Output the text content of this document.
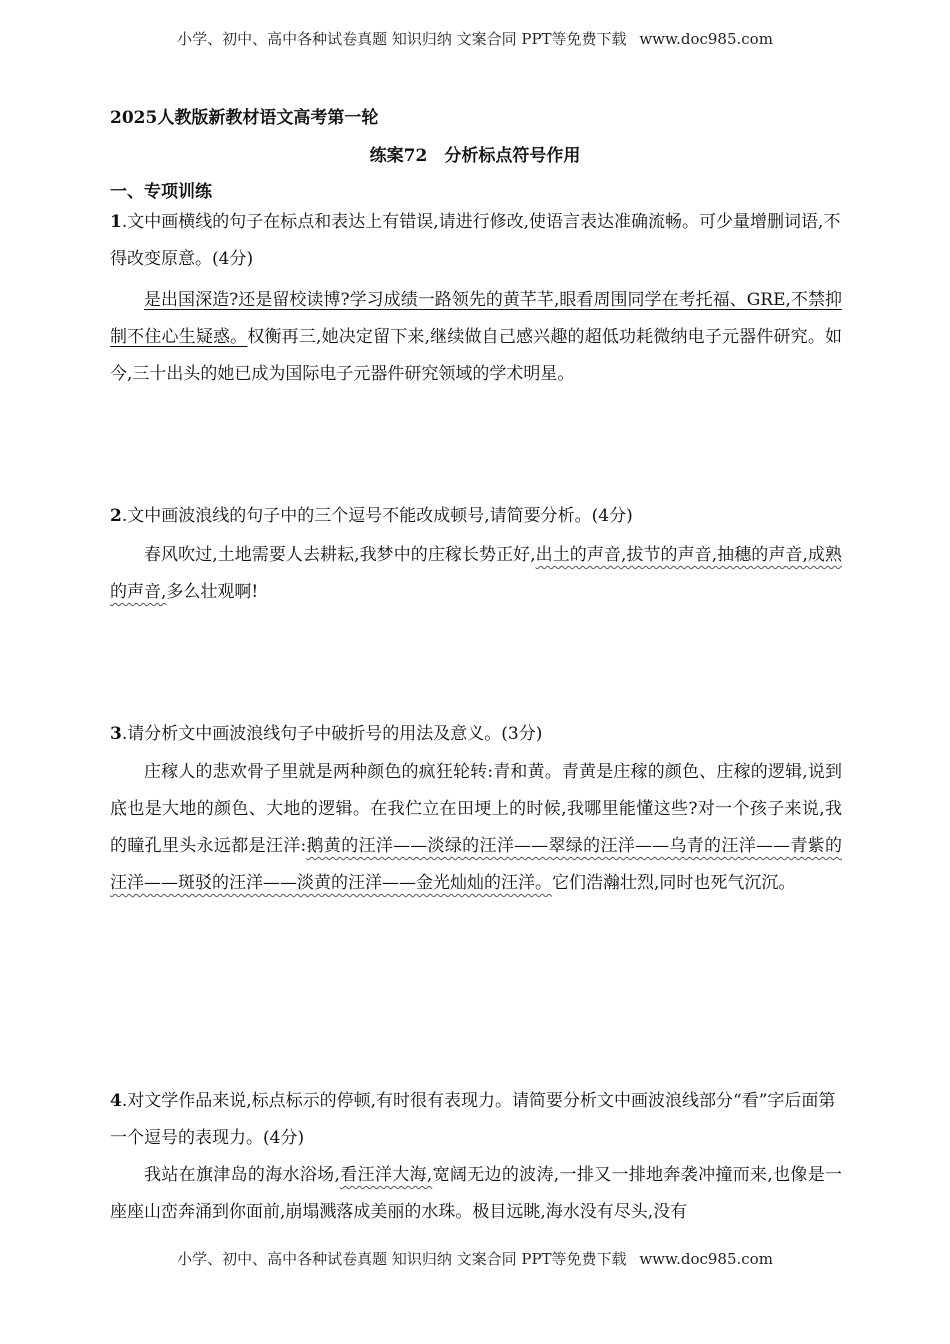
小学、初中、高中各种试卷真题 知识归纳 文案合同 PPT等免费下载 www.doc985.com
2025人教版新教材语文高考第一轮
练案72　分析标点符号作用
一、专项训练
1.文中画横线的句子在标点和表达上有错误,请进行修改,使语言表达准确流畅。可少量增删词语,不得改变原意。(4分)
是出国深造?还是留校读博?学习成绩一路领先的黄芊芊,眼看周围同学在考托福、GRE,不禁抑制不住心生疑惑。权衡再三,她决定留下来,继续做自己感兴趣的超低功耗微纳电子元器件研究。如今,三十出头的她已成为国际电子元器件研究领域的学术明星。
2.文中画波浪线的句子中的三个逗号不能改成顿号,请简要分析。(4分)
春风吹过,土地需要人去耕耘,我梦中的庄稼长势正好,出土的声音,拔节的声音,抽穗的声音,成熟的声音,多么壮观啊!
3.请分析文中画波浪线句子中破折号的用法及意义。(3分)
庄稼人的悲欢骨子里就是两种颜色的疯狂轮转:青和黄。青黄是庄稼的颜色、庄稼的逻辑,说到底也是大地的颜色、大地的逻辑。在我伫立在田埂上的时候,我哪里能懂这些?对一个孩子来说,我的瞳孔里头永远都是汪洋:鹅黄的汪洋——淡绿的汪洋——翠绿的汪洋——乌青的汪洋——青紫的汪洋——斑驳的汪洋——淡黄的汪洋——金光灿灿的汪洋。它们浩瀚壮烈,同时也死气沉沉。
4.对文学作品来说,标点标示的停顿,有时很有表现力。请简要分析文中画波浪线部分“看”字后面第一个逗号的表现力。(4分)
我站在旗津岛的海水浴场,看汪洋大海,宽阔无边的波涛,一排又一排地奔袭冲撞而来,也像是一座座山峦奔涌到你面前,崩塌溅落成美丽的水珠。极目远眺,海水没有尽头,没有
小学、初中、高中各种试卷真题 知识归纳 文案合同 PPT等免费下载 www.doc985.com
